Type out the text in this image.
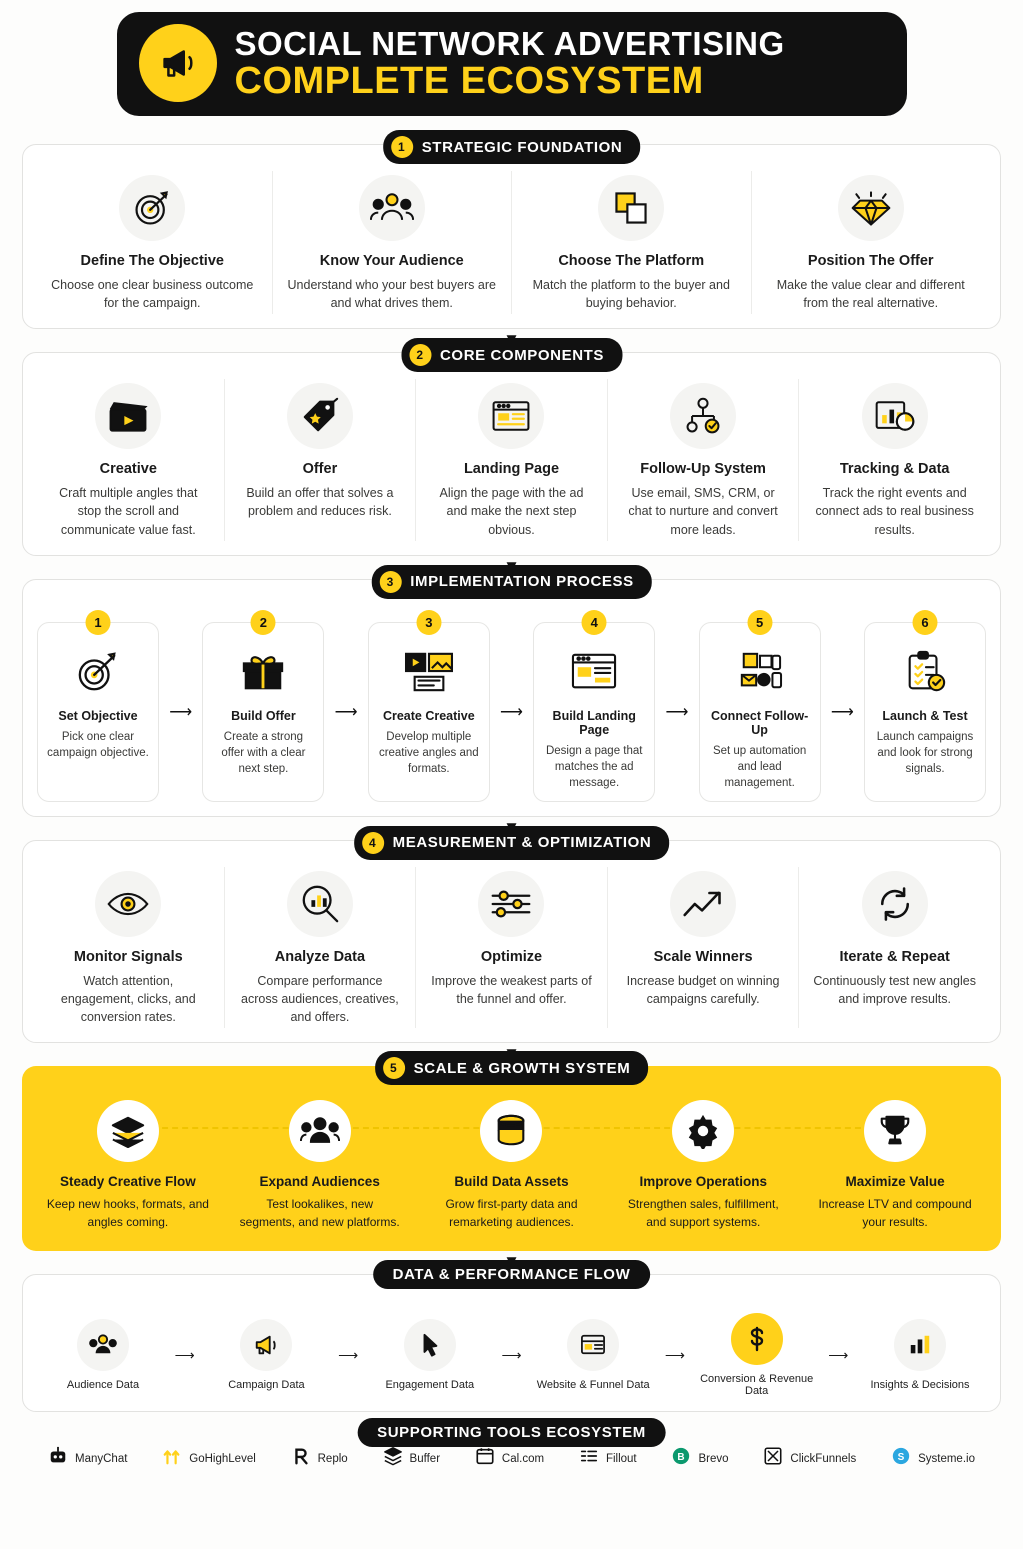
SOCIAL NETWORK ADVERTISING
COMPLETE ECOSYSTEM
1	STRATEGIC FOUNDATION
Define The Objective
Choose one clear business outcome for the campaign.
Know Your Audience
Understand who your best buyers are and what drives them.
Choose The Platform
Match the platform to the buyer and buying behavior.
Position The Offer
Make the value clear and different from the real alternative.
2	CORE COMPONENTS
Creative
Craft multiple angles that stop the scroll and communicate value fast.
Offer
Build an offer that solves a problem and reduces risk.
Landing Page
Align the page with the ad and make the next step obvious.
Follow-Up System
Use email, SMS, CRM, or chat to nurture and convert more leads.
Tracking & Data
Track the right events and connect ads to real business results.
3	IMPLEMENTATION PROCESS
1
Set Objective
Pick one clear campaign objective.
⟶
2
Build Offer
Create a strong offer with a clear next step.
⟶
3
Create Creative
Develop multiple creative angles and formats.
⟶
4
Build Landing Page
Design a page that matches the ad message.
⟶
5
Connect Follow-Up
Set up automation and lead management.
⟶
6
Launch & Test
Launch campaigns and look for strong signals.
4	MEASUREMENT & OPTIMIZATION
Monitor Signals
Watch attention, engagement, clicks, and conversion rates.
Analyze Data
Compare performance across audiences, creatives, and offers.
Optimize
Improve the weakest parts of the funnel and offer.
Scale Winners
Increase budget on winning campaigns carefully.
Iterate & Repeat
Continuously test new angles and improve results.
5	SCALE & GROWTH SYSTEM
Steady Creative Flow
Keep new hooks, formats, and angles coming.
Expand Audiences
Test lookalikes, new segments, and new platforms.
Build Data Assets
Grow first-party data and remarketing audiences.
Improve Operations
Strengthen sales, fulfillment, and support systems.
Maximize Value
Increase LTV and compound your results.
DATA & PERFORMANCE FLOW
Audience Data
⟶
Campaign Data
⟶
Engagement Data
⟶
Website & Funnel Data
⟶
Conversion & Revenue Data
⟶
Insights & Decisions
SUPPORTING TOOLS ECOSYSTEM
ManyChat	GoHighLevel	Replo	Buffer	Cal.com	Fillout	B Brevo	ClickFunnels	S Systeme.io
